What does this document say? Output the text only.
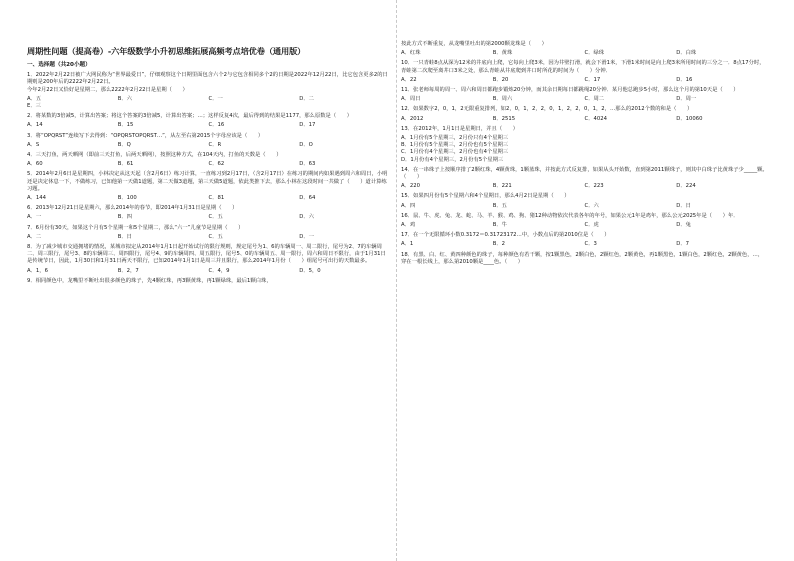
周期性问题（提高卷）-六年级数学小升初思维拓展高频考点培优卷（通用版）
一、选择题（共20小题）
1．2022年2月22日被广大网民称为“世界最爱日”，仔细观察这个日期里面包含六个2与它包含相同多个2的日期是2022年12月22日，比它包含更多2的日期则是200年后的2222年2月22日。
今年2月22日又恰好是星期二，那么2222年2月22日是星期（　　）
A．五	B．六	C．一	D．二
E．三
2．将某数的3倍减5，计算出答案；将这个答案的3倍减5，计算出答案；…；这样反复4次，最后得到的结果是1177，那么原数是（　　）
A．14	B．15	C．16	D．17
3．将“OPQRST”连续写下去得到：“OPQRSTOPQRST…”，从左至右第2015个字母应该是（　　）
A．S	B．Q	C．R	D．O
4．三天打鱼，两天晒网（即前三天打鱼，后两天晒网），按照这种方式，在104天内，打鱼的天数是（　　）
A．60	B．61	C．62	D．63
5．2014年2月6日是星期四，小林决定从这天起（含2月6日）练习计算，一直练习到2月17日，（含2月17日）在练习的期间内如果遇到周六和周日，小明还是决定休息一下，不做练习，已知他第一天做1道题，第二天做3道题，第三天做5道题，依此类推下去，那么小林在这段时间一共做了（　　）道计算练习题。
A．144	B．100	C．81	D．64
6．2013年12月21日是星期六，那么2014年的春节，即2014年1月31日是星期（　　）
A．一	B．四	C．五	D．六
7．6月份有30天，如果这个月有5个星期一和5个星期二，那么“六一”儿童节是星期（　　）
A．二	B．日	C．五	D．一
8．为了减少城市交通拥堵的情况，某城市拟定从2014年1月1日起开始试行的限行规则，规定尾号为1、6的车辆周一、周二限行，尾号为2、7的车辆周二、周三限行，尾号3、8的车辆周三、周四限行，尾号4、9的车辆周四、周五限行，尾号5、0的车辆周五、周一限行，周六和周日不限行，由于1月31日是传统节日，因此，1月30日和1月31日两天不限行，已知2014年1月1日是周三并且限行，那么2014年1月份（　　）组尾号可出行的天数最多。
A．1，6	B．2，7	C．4，9	D．5，0
9．相同颜色中，龙嘴里不断吐出很多颜色的珠子，先4颗红珠，再3颗黄珠，再1颗绿珠，最后1颗白珠，
按此方式不断重复，从龙嘴里吐出的第2000颗龙珠是（　　）
A．红珠	B．黄珠	C．绿珠	D．白珠
10．一只青蛙8点从深为12米的井底向上爬，它每向上爬3米，因为井壁打滑，就会下滑1米，下滑1米时间是向上爬3米所用时间的三分之一．8点17分时，青蛙第二次爬至离井口3米之处，那么青蛙从井底爬到井口时所花的时间为（　　）分钟．
A．22	B．20	C．17	D．16
11．张老师每周的周一、周六和周日都跑步锻炼20分钟，而其余日期每日都跳绳20分钟．某月他总跑步5小时，那么这个月的第10天是（　　）
A．周日	B．周六	C．周二	D．周一
12．如果数字2，0，1，2无限重复排列，如2，0，1，2，2，0，1，2，2，0，1，2，…那么的2012个数的和是（　　）
A．2012	B．2515	C．4024	D．10060
13．在2012年，1月1日是星期日，并且（　　）
A．1月份有5个星期三，2月份只有4个星期三
B．1月份有5个星期三，2月份也有5个星期三
C．1月份有4个星期三，2月份也有4个星期三
D．1月份有4个星期三，2月份有5个星期三
14．在一串珠子上按顺序排了2颗红珠，4颗黄珠，1颗蓝珠，并按此方式反复排，如果从头开始数，直到第2011颗珠子，则其中白珠子比黄珠子少_____颗。（　　）
A．220	B．221	C．223	D．224
15．如果四月份有5个星期六和4个星期日，那么4月2日是星期（　　）
A．四	B．五	C．六	D．日
16．鼠、牛、虎、兔、龙、蛇、马、羊、猴、鸡、狗、猪12种动物依次代表各年的年号，如果公元1年是鸡年，那么公元2025年是（　　）年．
A．鸡	B．牛	C．虎	D．兔
17．在一个无限循环小数0.3172＝0.31723172…中，小数点后的第2010位是（　　）
A．1	B．2	C．3	D．7
18．有黑、白、红、黄四种颜色的珠子，每种颜色有若干颗，按1颗黑色，2颗白色，2颗红色，2颗黄色，再1颗黑色，1颗白色，2颗红色，2颗黄色，…，穿在一根长线上，那么第2010颗是____色。（　　）
